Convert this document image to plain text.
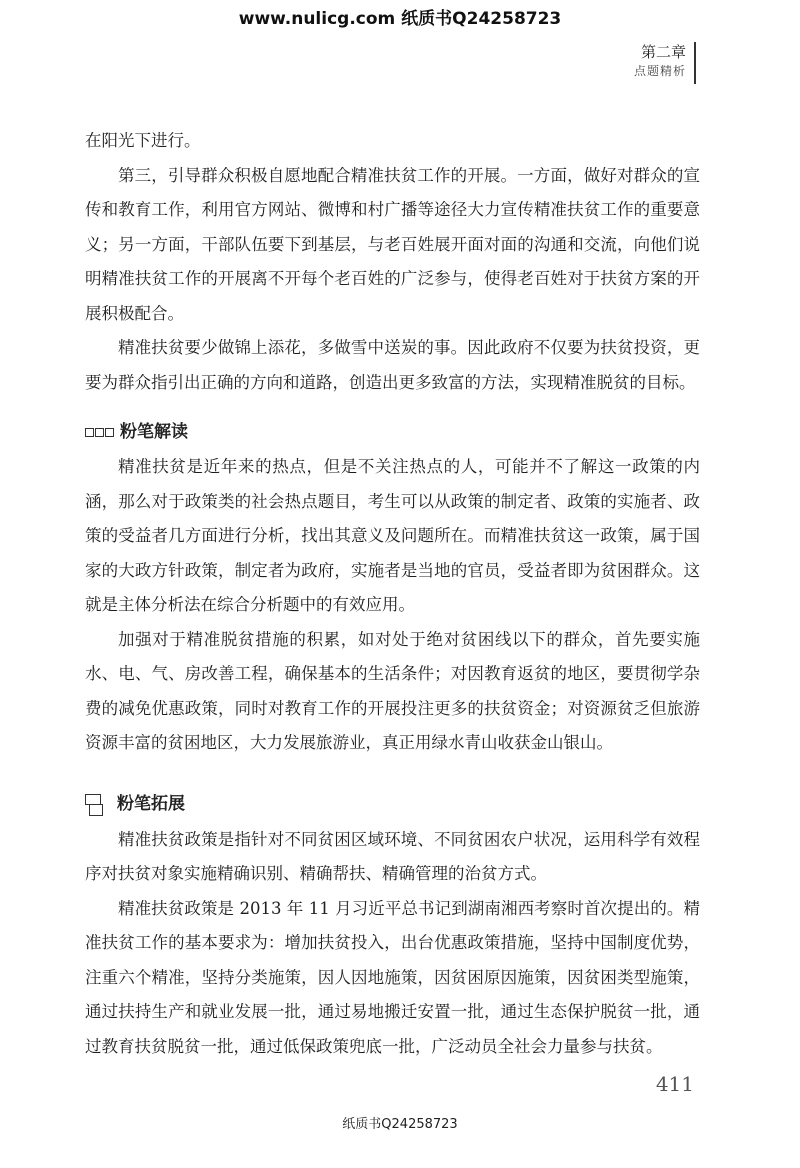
www.nulicg.com 纸质书Q24258723
第二章
点题精析

在阳光下进行。

第三，引导群众积极自愿地配合精准扶贫工作的开展。一方面，做好对群众的宣传和教育工作，利用官方网站、微博和村广播等途径大力宣传精准扶贫工作的重要意义；另一方面，干部队伍要下到基层，与老百姓展开面对面的沟通和交流，向他们说明精准扶贫工作的开展离不开每个老百姓的广泛参与，使得老百姓对于扶贫方案的开展积极配合。

精准扶贫要少做锦上添花，多做雪中送炭的事。因此政府不仅要为扶贫投资，更要为群众指引出正确的方向和道路，创造出更多致富的方法，实现精准脱贫的目标。

粉笔解读

精准扶贫是近年来的热点，但是不关注热点的人，可能并不了解这一政策的内涵，那么对于政策类的社会热点题目，考生可以从政策的制定者、政策的实施者、政策的受益者几方面进行分析，找出其意义及问题所在。而精准扶贫这一政策，属于国家的大政方针政策，制定者为政府，实施者是当地的官员，受益者即为贫困群众。这就是主体分析法在综合分析题中的有效应用。

加强对于精准脱贫措施的积累，如对处于绝对贫困线以下的群众，首先要实施水、电、气、房改善工程，确保基本的生活条件；对因教育返贫的地区，要贯彻学杂费的减免优惠政策，同时对教育工作的开展投注更多的扶贫资金；对资源贫乏但旅游资源丰富的贫困地区，大力发展旅游业，真正用绿水青山收获金山银山。

粉笔拓展

精准扶贫政策是指针对不同贫困区域环境、不同贫困农户状况，运用科学有效程序对扶贫对象实施精确识别、精确帮扶、精确管理的治贫方式。

精准扶贫政策是 2013 年 11 月习近平总书记到湖南湘西考察时首次提出的。精准扶贫工作的基本要求为：增加扶贫投入，出台优惠政策措施，坚持中国制度优势，注重六个精准，坚持分类施策，因人因地施策，因贫困原因施策，因贫困类型施策，通过扶持生产和就业发展一批，通过易地搬迁安置一批，通过生态保护脱贫一批，通过教育扶贫脱贫一批，通过低保政策兜底一批，广泛动员全社会力量参与扶贫。

411
纸质书Q24258723
